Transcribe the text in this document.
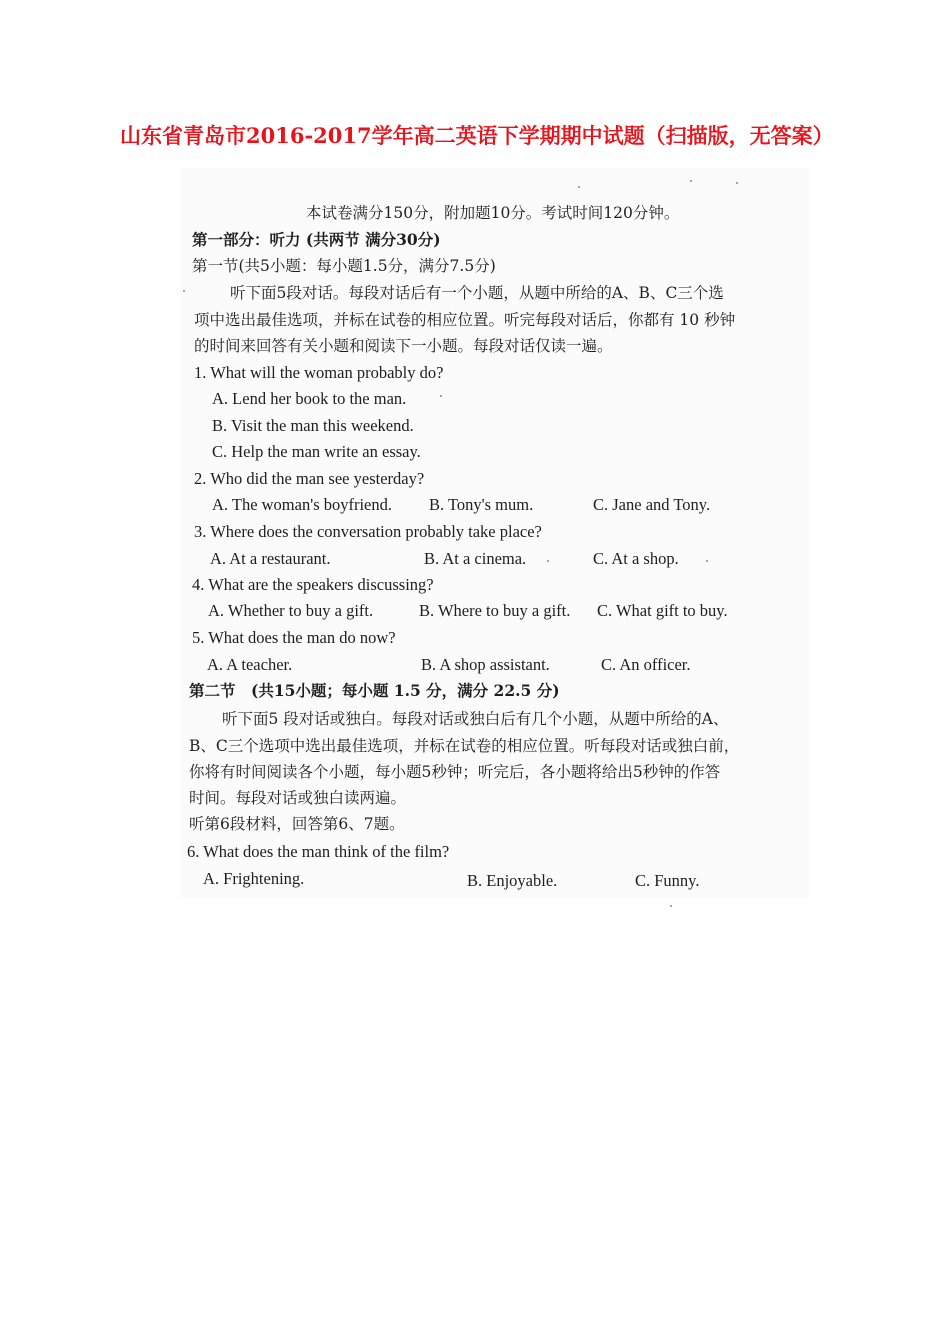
山东省青岛市2016-2017学年高二英语下学期期中试题（扫描版，无答案）
本试卷满分150分，附加题10分。考试时间120分钟。
第一部分：听力 (共两节 满分30分)
第一节(共5小题：每小题1.5分，满分7.5分)
听下面5段对话。每段对话后有一个小题，从题中所给的A、B、C三个选
项中选出最佳选项，并标在试卷的相应位置。听完每段对话后，你都有 10 秒钟
的时间来回答有关小题和阅读下一小题。每段对话仅读一遍。
1. What will the woman probably do?
A. Lend her book to the man.
B. Visit the man this weekend.
C. Help the man write an essay.
2. Who did the man see yesterday?
A. The woman's boyfriend. B. Tony's mum.	C. Jane and Tony.
3. Where does the conversation probably take place?
A. At a restaurant.	B. At a cinema.	C. At a shop.
4. What are the speakers discussing?
A. Whether to buy a gift.	B. Where to buy a gift. C. What gift to buy.
5. What does the man do now?
A. A teacher.	B. A shop assistant.	C. An officer.
第二节　(共15小题；每小题 1.5 分，满分 22.5 分)
听下面5 段对话或独白。每段对话或独白后有几个小题，从题中所给的A、
B、C三个选项中选出最佳选项，并标在试卷的相应位置。听每段对话或独白前，
你将有时间阅读各个小题，每小题5秒钟；听完后，各小题将给出5秒钟的作答
时间。每段对话或独白读两遍。
听第6段材料，回答第6、7题。
6. What does the man think of the film?
A. Frightening.	B. Enjoyable.	C. Funny.
